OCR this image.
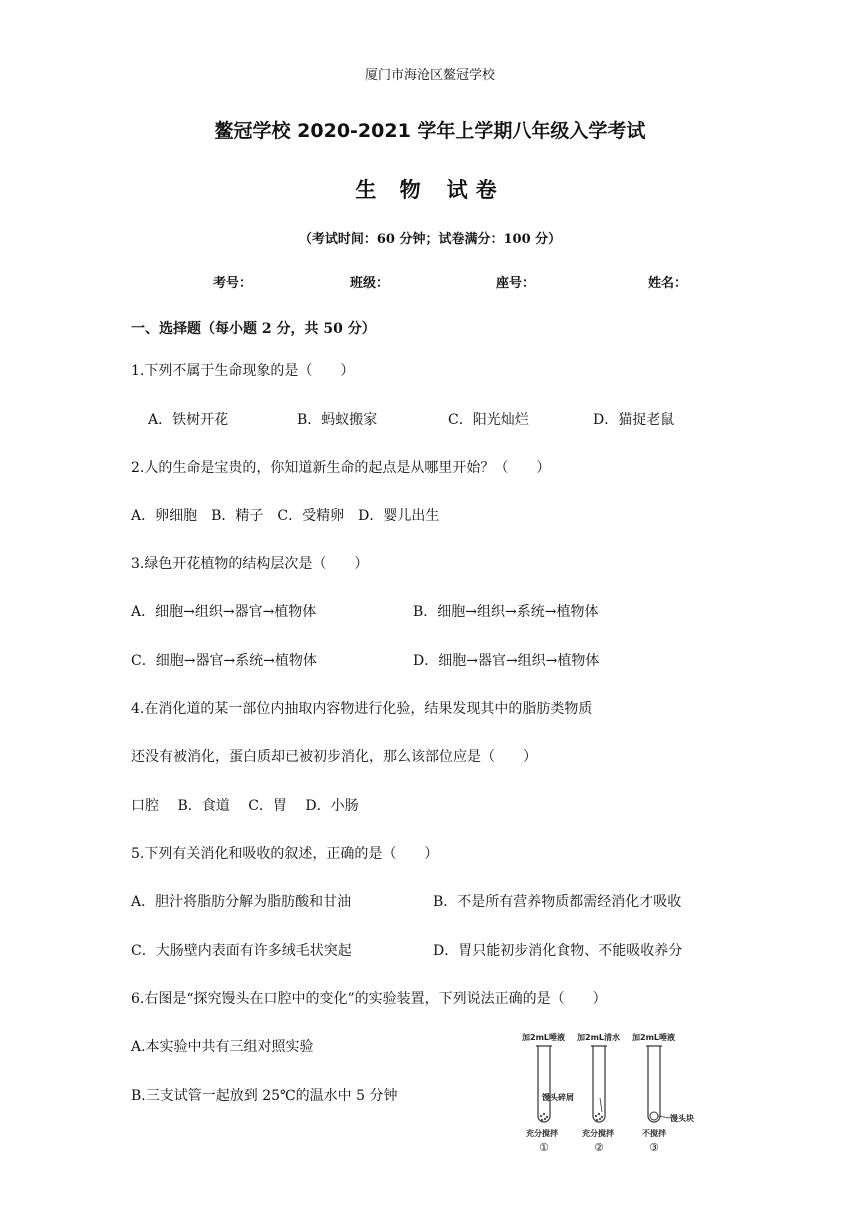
厦门市海沧区鳌冠学校
鳌冠学校 2020-2021 学年上学期八年级入学考试
生 物 试卷
（考试时间：60 分钟；试卷满分：100 分）
考号：	班级：	座号：	姓名：
一、选择题（每小题 2 分，共 50 分）
1.下列不属于生命现象的是（　　）
A．铁树开花	B．蚂蚁搬家	C．阳光灿烂	D．猫捉老鼠
2.人的生命是宝贵的，你知道新生命的起点是从哪里开始？（　　）
A．卵细胞　B．精子　C．受精卵　D．婴儿出生
3.绿色开花植物的结构层次是（　　）
A．细胞→组织→器官→植物体	B．细胞→组织→系统→植物体
C．细胞→器官→系统→植物体	D．细胞→器官→组织→植物体
4.在消化道的某一部位内抽取内容物进行化验，结果发现其中的脂肪类物质
还没有被消化，蛋白质却已被初步消化，那么该部位应是（　　）
口腔　 B．食道　 C．胃　 D．小肠
5.下列有关消化和吸收的叙述，正确的是（　　）
A．胆汁将脂肪分解为脂肪酸和甘油	B．不是所有营养物质都需经消化才吸收
C．大肠壁内表面有许多绒毛状突起	D．胃只能初步消化食物、不能吸收养分
6.右图是“探究馒头在口腔中的变化”的实验装置，下列说法正确的是（　　）
A.本实验中共有三组对照实验
B.三支试管一起放到 25℃的温水中 5 分钟
加2mL唾液 加2mL清水 加2mL唾液
馒头碎屑
馒头块
充分搅拌	充分搅拌	不搅拌
①	②	③
